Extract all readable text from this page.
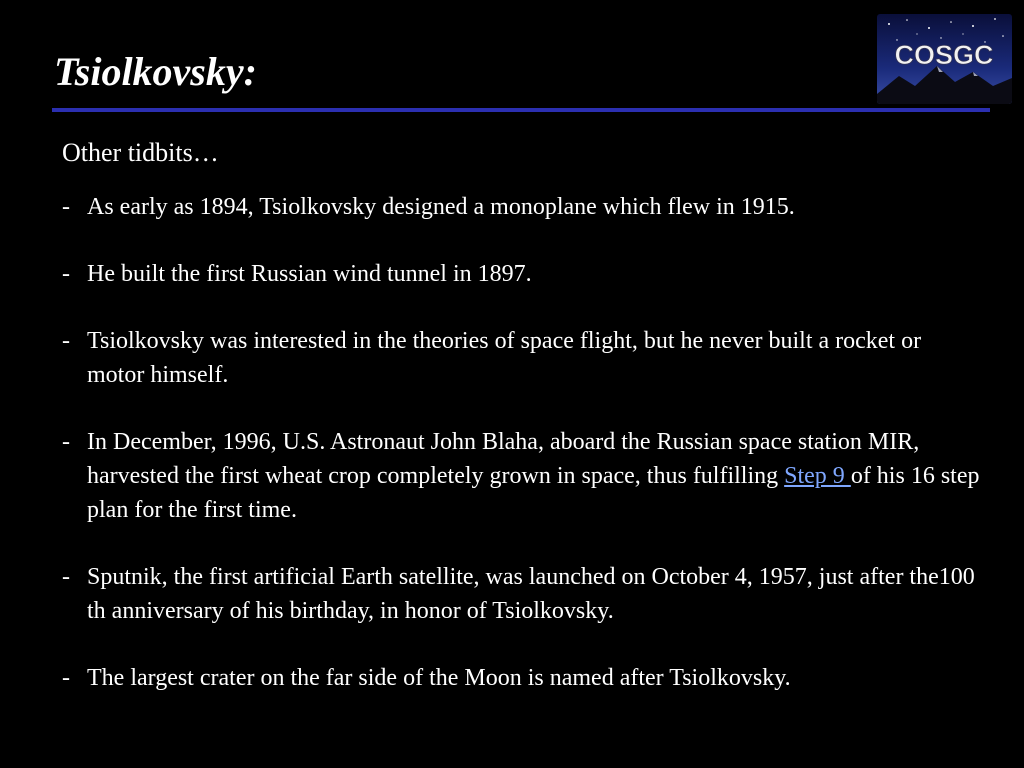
Tsiolkovsky:	COSGC

Other tidbits…

- As early as 1894, Tsiolkovsky designed a monoplane which flew in 1915.
- He built the first Russian wind tunnel in 1897.
- Tsiolkovsky was interested in the theories of space flight, but he never built a rocket or motor himself.
- In December, 1996, U.S. Astronaut John Blaha, aboard the Russian space station MIR, harvested the first wheat crop completely grown in space, thus fulfilling Step 9 of his 16 step plan for the first time.
- Sputnik, the first artificial Earth satellite, was launched on October 4, 1957, just after the100 th anniversary of his birthday, in honor of Tsiolkovsky.
- The largest crater on the far side of the Moon is named after Tsiolkovsky.
